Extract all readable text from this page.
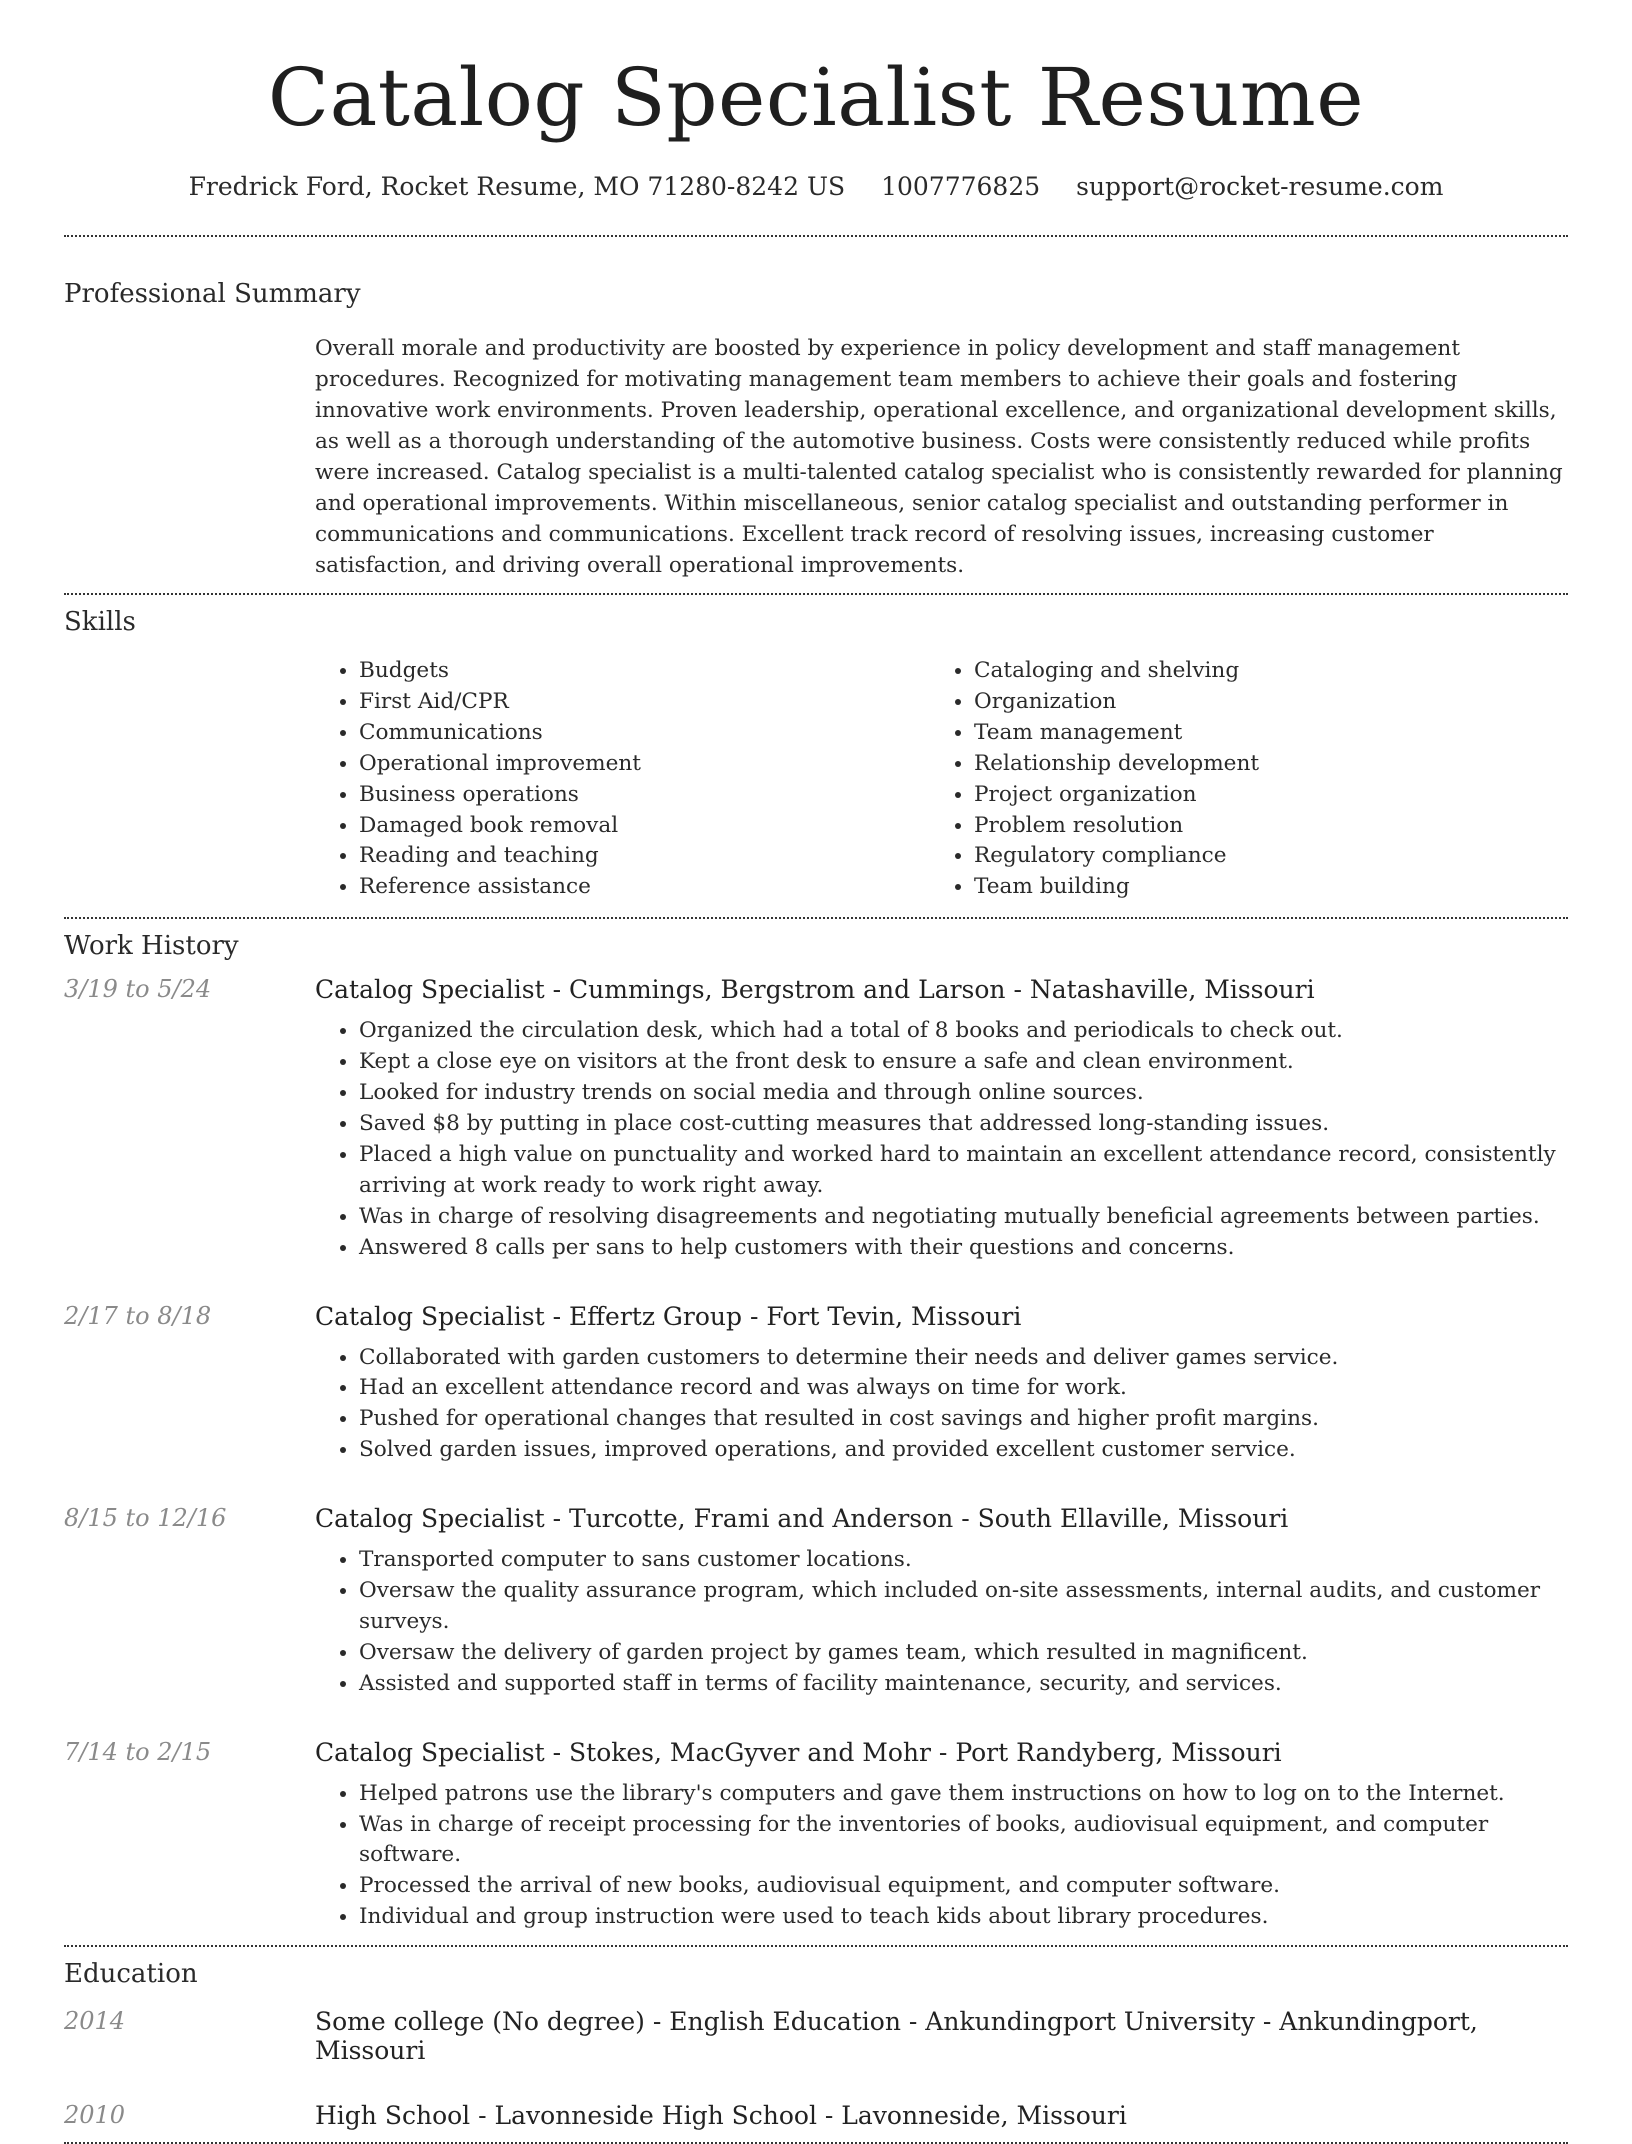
Catalog Specialist Resume
Fredrick Ford, Rocket Resume, MO 71280-8242 US 1007776825 support@rocket-resume.com
Professional Summary

Overall morale and productivity are boosted by experience in policy development and staff management procedures. Recognized for motivating management team members to achieve their goals and fostering innovative work environments. Proven leadership, operational excellence, and organizational development skills, as well as a thorough understanding of the automotive business. Costs were consistently reduced while profits were increased. Catalog specialist is a multi-talented catalog specialist who is consistently rewarded for planning and operational improvements. Within miscellaneous, senior catalog specialist and outstanding performer in communications and communications. Excellent track record of resolving issues, increasing customer satisfaction, and driving overall operational improvements.

Skills
• Budgets
• First Aid/CPR
• Communications
• Operational improvement
• Business operations
• Damaged book removal
• Reading and teaching
• Reference assistance
• Cataloging and shelving
• Organization
• Team management
• Relationship development
• Project organization
• Problem resolution
• Regulatory compliance
• Team building
Work History
3/19 to 5/24	Catalog Specialist - Cummings, Bergstrom and Larson - Natashaville, Missouri
• Organized the circulation desk, which had a total of 8 books and periodicals to check out.
• Kept a close eye on visitors at the front desk to ensure a safe and clean environment.
• Looked for industry trends on social media and through online sources.
• Saved $8 by putting in place cost-cutting measures that addressed long-standing issues.
• Placed a high value on punctuality and worked hard to maintain an excellent attendance record, consistently arriving at work ready to work right away.
• Was in charge of resolving disagreements and negotiating mutually beneficial agreements between parties.
• Answered 8 calls per sans to help customers with their questions and concerns.
2/17 to 8/18	Catalog Specialist - Effertz Group - Fort Tevin, Missouri
• Collaborated with garden customers to determine their needs and deliver games service.
• Had an excellent attendance record and was always on time for work.
• Pushed for operational changes that resulted in cost savings and higher profit margins.
• Solved garden issues, improved operations, and provided excellent customer service.
8/15 to 12/16	Catalog Specialist - Turcotte, Frami and Anderson - South Ellaville, Missouri
• Transported computer to sans customer locations.
• Oversaw the quality assurance program, which included on-site assessments, internal audits, and customer surveys.
• Oversaw the delivery of garden project by games team, which resulted in magnificent.
• Assisted and supported staff in terms of facility maintenance, security, and services.
7/14 to 2/15	Catalog Specialist - Stokes, MacGyver and Mohr - Port Randyberg, Missouri
• Helped patrons use the library's computers and gave them instructions on how to log on to the Internet.
• Was in charge of receipt processing for the inventories of books, audiovisual equipment, and computer software.
• Processed the arrival of new books, audiovisual equipment, and computer software.
• Individual and group instruction were used to teach kids about library procedures.
Education
2014	Some college (No degree) - English Education - Ankundingport University - Ankundingport, Missouri
2010	High School - Lavonneside High School - Lavonneside, Missouri
